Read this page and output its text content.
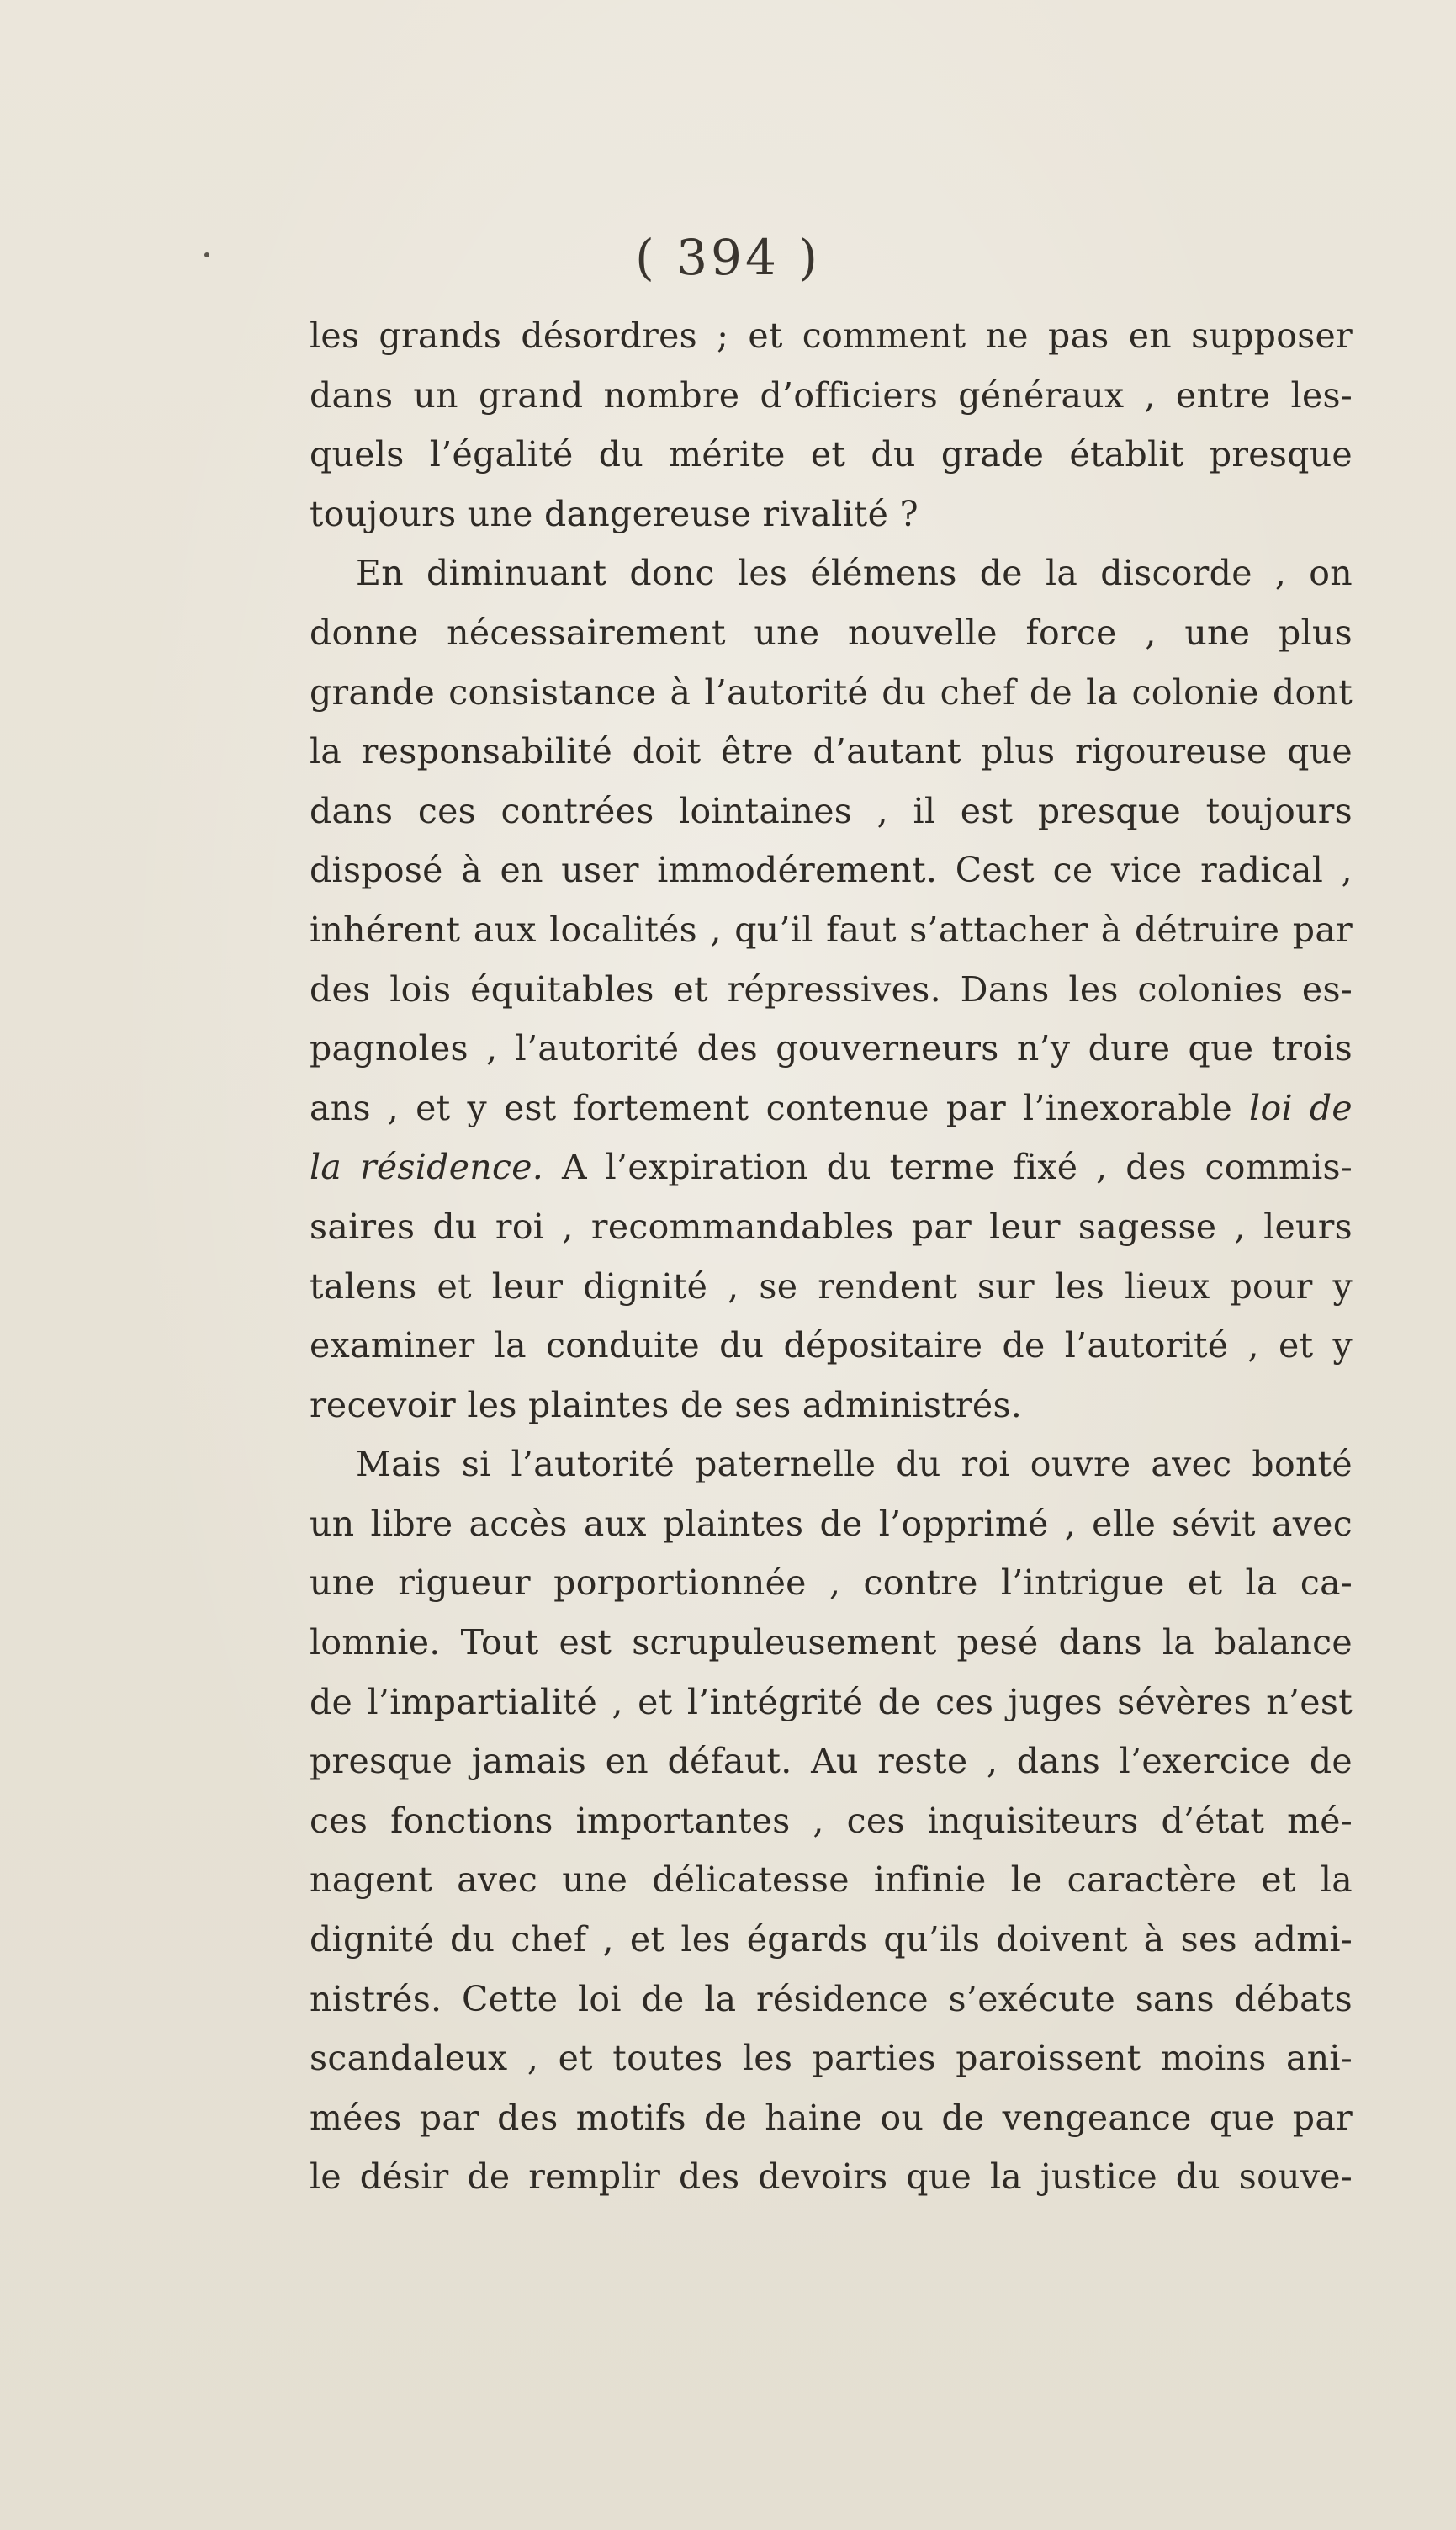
( 394 )
les grands désordres ; et comment ne pas en supposer
dans un grand nombre d’officiers généraux , entre les-
quels l’égalité du mérite et du grade établit presque
toujours une dangereuse rivalité ?
En diminuant donc les élémens de la discorde , on
donne nécessairement une nouvelle force , une plus
grande consistance à l’autorité du chef de la colonie dont
la responsabilité doit être d’autant plus rigoureuse que
dans ces contrées lointaines , il est presque toujours
disposé à en user immodérement. Cest ce vice radical ,
inhérent aux localités , qu’il faut s’attacher à détruire par
des lois équitables et répressives. Dans les colonies es-
pagnoles , l’autorité des gouverneurs n’y dure que trois
ans , et y est fortement contenue par l’inexorable loi de
la résidence. A l’expiration du terme fixé , des commis-
saires du roi , recommandables par leur sagesse , leurs
talens et leur dignité , se rendent sur les lieux pour y
examiner la conduite du dépositaire de l’autorité , et y
recevoir les plaintes de ses administrés.
Mais si l’autorité paternelle du roi ouvre avec bonté
un libre accès aux plaintes de l’opprimé , elle sévit avec
une rigueur porportionnée , contre l’intrigue et la ca-
lomnie. Tout est scrupuleusement pesé dans la balance
de l’impartialité , et l’intégrité de ces juges sévères n’est
presque jamais en défaut. Au reste , dans l’exercice de
ces fonctions importantes , ces inquisiteurs d’état mé-
nagent avec une délicatesse infinie le caractère et la
dignité du chef , et les égards qu’ils doivent à ses admi-
nistrés. Cette loi de la résidence s’exécute sans débats
scandaleux , et toutes les parties paroissent moins ani-
mées par des motifs de haine ou de vengeance que par
le désir de remplir des devoirs que la justice du souve-
